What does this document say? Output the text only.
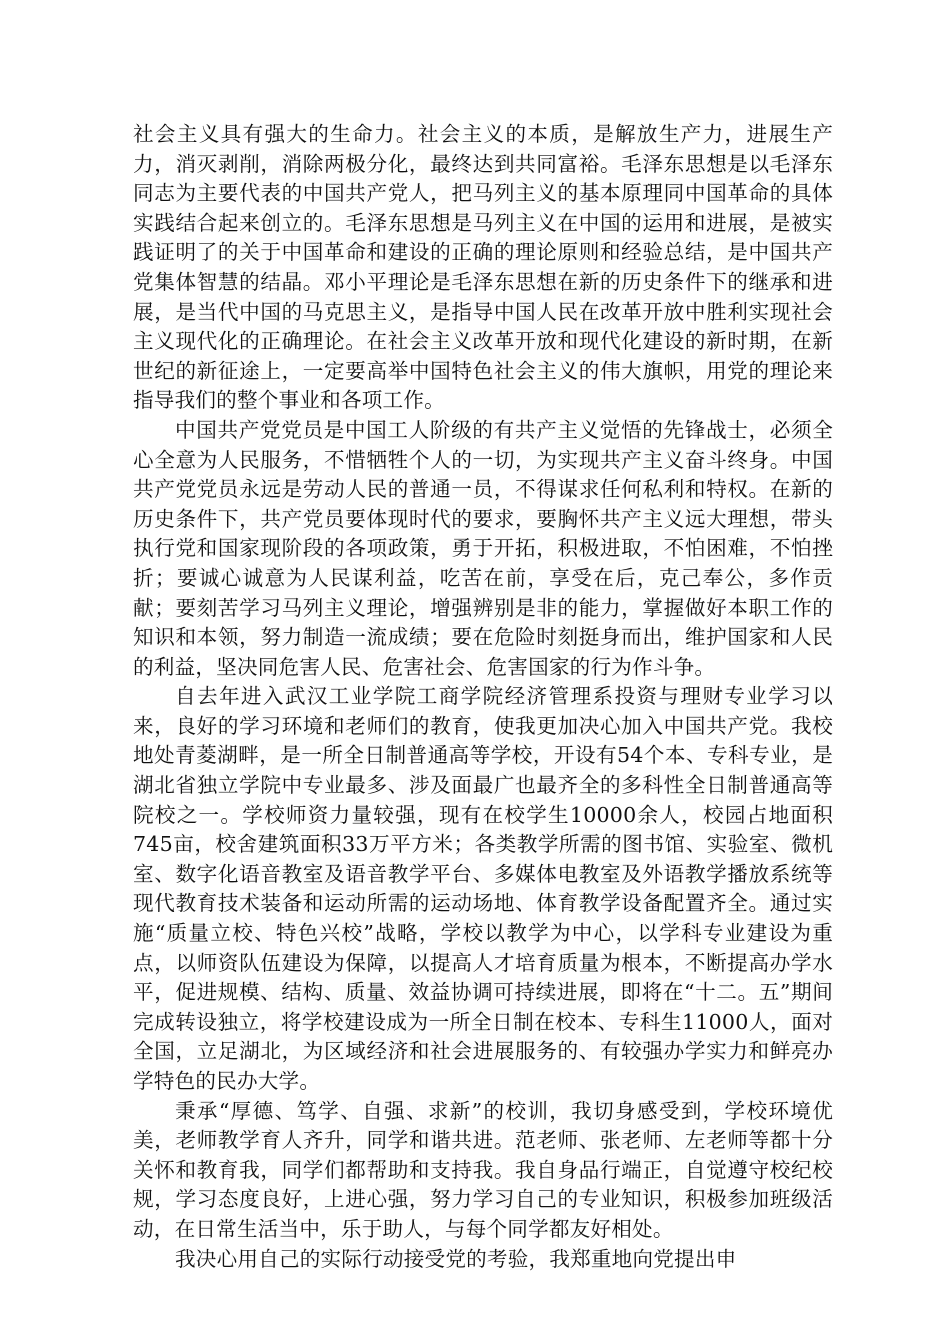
社会主义具有强大的生命力。社会主义的本质，是解放生产力，进展生产力，消灭剥削，消除两极分化，最终达到共同富裕。毛泽东思想是以毛泽东同志为主要代表的中国共产党人，把马列主义的基本原理同中国革命的具体实践结合起来创立的。毛泽东思想是马列主义在中国的运用和进展，是被实践证明了的关于中国革命和建设的正确的理论原则和经验总结，是中国共产党集体智慧的结晶。邓小平理论是毛泽东思想在新的历史条件下的继承和进展，是当代中国的马克思主义，是指导中国人民在改革开放中胜利实现社会主义现代化的正确理论。在社会主义改革开放和现代化建设的新时期，在新世纪的新征途上，一定要高举中国特色社会主义的伟大旗帜，用党的理论来指导我们的整个事业和各项工作。

中国共产党党员是中国工人阶级的有共产主义觉悟的先锋战士，必须全心全意为人民服务，不惜牺牲个人的一切，为实现共产主义奋斗终身。中国共产党党员永远是劳动人民的普通一员，不得谋求任何私利和特权。在新的历史条件下，共产党员要体现时代的要求，要胸怀共产主义远大理想，带头执行党和国家现阶段的各项政策，勇于开拓，积极进取，不怕困难，不怕挫折；要诚心诚意为人民谋利益，吃苦在前，享受在后，克己奉公，多作贡献；要刻苦学习马列主义理论，增强辨别是非的能力，掌握做好本职工作的知识和本领，努力制造一流成绩；要在危险时刻挺身而出，维护国家和人民的利益，坚决同危害人民、危害社会、危害国家的行为作斗争。

自去年进入武汉工业学院工商学院经济管理系投资与理财专业学习以来，良好的学习环境和老师们的教育，使我更加决心加入中国共产党。我校地处青菱湖畔，是一所全日制普通高等学校，开设有54个本、专科专业，是湖北省独立学院中专业最多、涉及面最广也最齐全的多科性全日制普通高等院校之一。学校师资力量较强，现有在校学生10000余人，校园占地面积745亩，校舍建筑面积33万平方米；各类教学所需的图书馆、实验室、微机室、数字化语音教室及语音教学平台、多媒体电教室及外语教学播放系统等现代教育技术装备和运动所需的运动场地、体育教学设备配置齐全。通过实施“质量立校、特色兴校”战略，学校以教学为中心，以学科专业建设为重点，以师资队伍建设为保障，以提高人才培育质量为根本，不断提高办学水平，促进规模、结构、质量、效益协调可持续进展，即将在“十二。五”期间完成转设独立，将学校建设成为一所全日制在校本、专科生11000人，面对全国，立足湖北，为区域经济和社会进展服务的、有较强办学实力和鲜亮办学特色的民办大学。

秉承“厚德、笃学、自强、求新”的校训，我切身感受到，学校环境优美，老师教学育人齐升，同学和谐共进。范老师、张老师、左老师等都十分关怀和教育我，同学们都帮助和支持我。我自身品行端正，自觉遵守校纪校规，学习态度良好，上进心强，努力学习自己的专业知识，积极参加班级活动，在日常生活当中，乐于助人，与每个同学都友好相处。

我决心用自己的实际行动接受党的考验，我郑重地向党提出申
